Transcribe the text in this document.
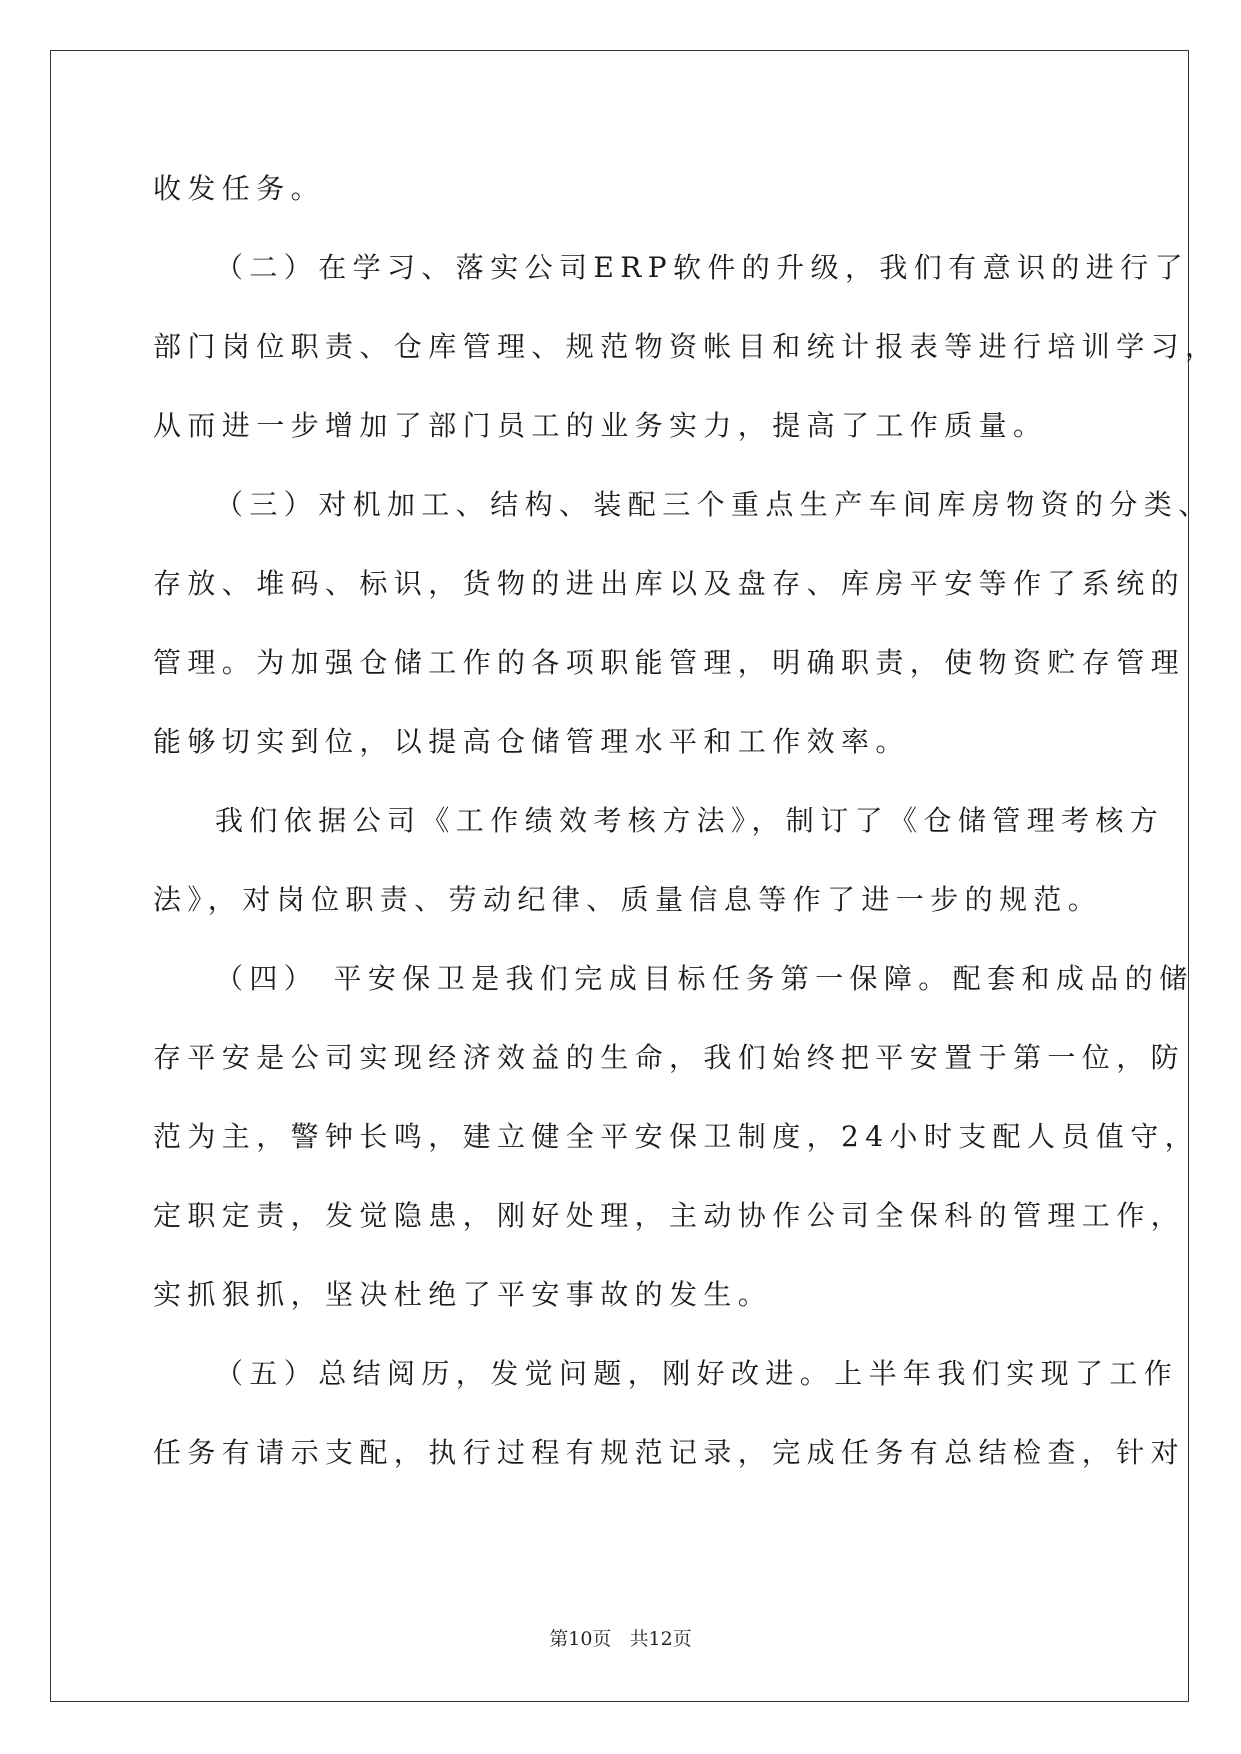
收发任务。
（二）在学习、落实公司ERP软件的升级，我们有意识的进行了
部门岗位职责、仓库管理、规范物资帐目和统计报表等进行培训学习，
从而进一步增加了部门员工的业务实力，提高了工作质量。
（三）对机加工、结构、装配三个重点生产车间库房物资的分类、
存放、堆码、标识，货物的进出库以及盘存、库房平安等作了系统的
管理。为加强仓储工作的各项职能管理，明确职责，使物资贮存管理
能够切实到位，以提高仓储管理水平和工作效率。
我们依据公司《工作绩效考核方法》，制订了《仓储管理考核方
法》，对岗位职责、劳动纪律、质量信息等作了进一步的规范。
（四） 平安保卫是我们完成目标任务第一保障。配套和成品的储
存平安是公司实现经济效益的生命，我们始终把平安置于第一位，防
范为主，警钟长鸣，建立健全平安保卫制度，24小时支配人员值守，
定职定责，发觉隐患，刚好处理，主动协作公司全保科的管理工作，
实抓狠抓，坚决杜绝了平安事故的发生。
（五）总结阅历，发觉问题，刚好改进。上半年我们实现了工作
任务有请示支配，执行过程有规范记录，完成任务有总结检查，针对
第10页   共12页
